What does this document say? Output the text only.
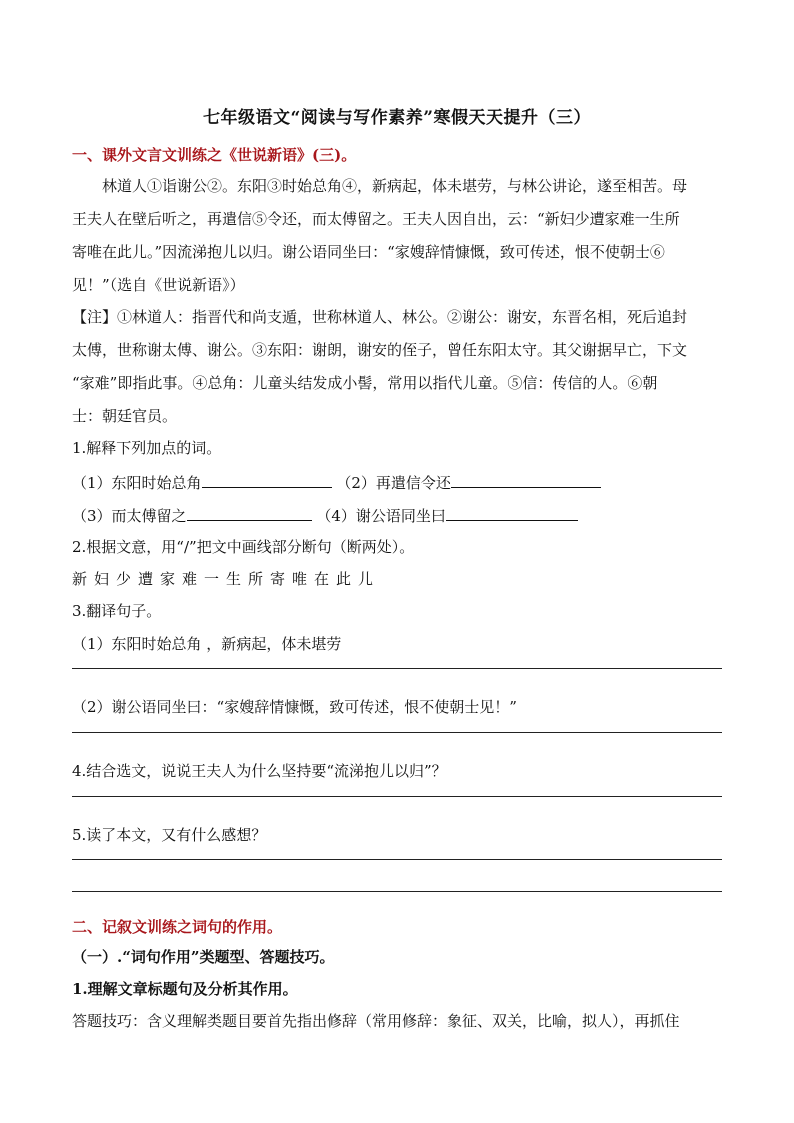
七年级语文“阅读与写作素养”寒假天天提升（三）
一、课外文言文训练之《世说新语》(三)。
林道人①诣谢公②。东阳③时始总角④，新病起，体未堪劳，与林公讲论，遂至相苦。母
王夫人在壁后听之，再遣信⑤令还，而太傅留之。王夫人因自出，云：“新妇少遭家难一生所
寄唯在此儿。”因流涕抱儿以归。谢公语同坐曰：“家嫂辞情慷慨，致可传述，恨不使朝士⑥
见！”（选自《世说新语》）
【注】①林道人：指晋代和尚支遁，世称林道人、林公。②谢公：谢安，东晋名相，死后追封
太傅，世称谢太傅、谢公。③东阳：谢朗，谢安的侄子，曾任东阳太守。其父谢据早亡，下文
“家难”即指此事。④总角：儿童头结发成小髻，常用以指代儿童。⑤信：传信的人。⑥朝
士：朝廷官员。
1.解释下列加点的词。
（1）东阳时始总角	（2）再遣信令还
（3）而太傅留之	（4）谢公语同坐曰
2.根据文意，用“/”把文中画线部分断句（断两处）。
新妇少遭家难一生所寄唯在此儿
3.翻译句子。
（1）东阳时始总角 ，新病起，体未堪劳
（2）谢公语同坐曰：“家嫂辞情慷慨，致可传述，恨不使朝士见！”
4.结合选文，说说王夫人为什么坚持要“流涕抱儿以归”？
5.读了本文，又有什么感想？
二、记叙文训练之词句的作用。
（一）.“词句作用”类题型、答题技巧。
1.理解文章标题句及分析其作用。
答题技巧：含义理解类题目要首先指出修辞（常用修辞：象征、双关，比喻，拟人），再抓住
